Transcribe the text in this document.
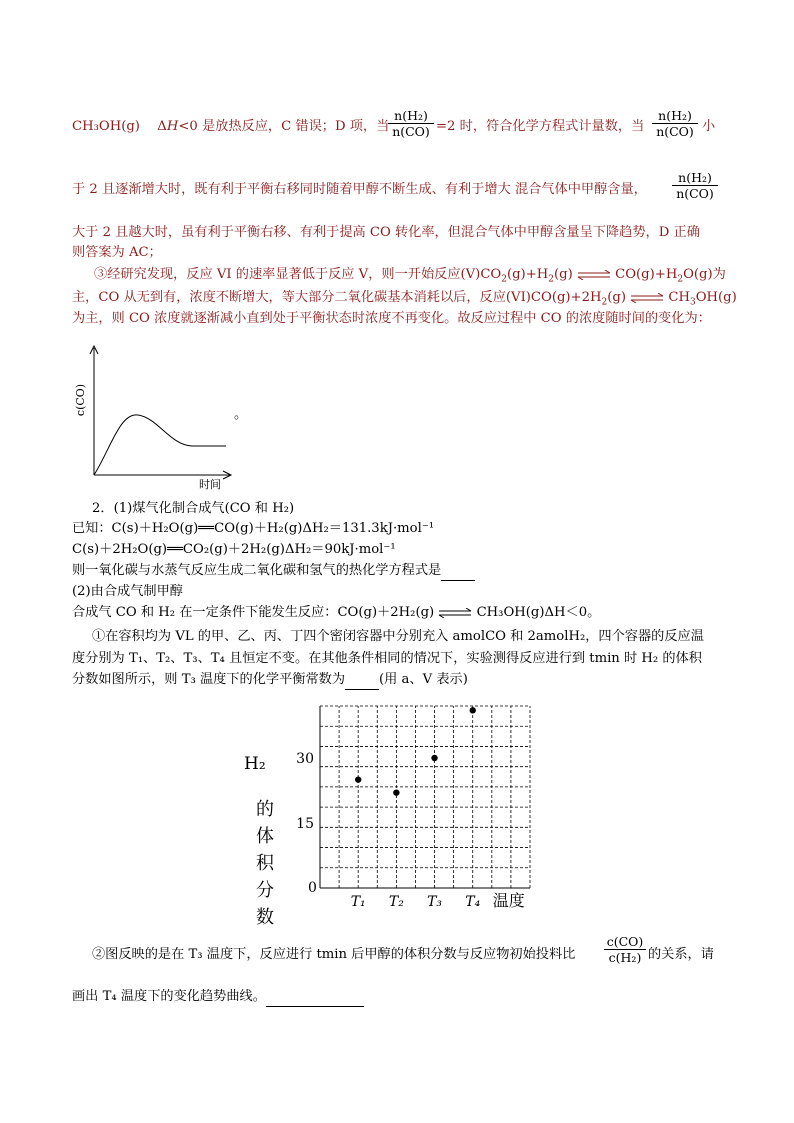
CH₃OH(g)　 ΔH<0 是放热反应，C 错误；D 项，当
$\frac{\text{n(H₂)}}{n(CO)} =2$ 时，符合化学方程式计量数，当 $\frac{\text{n(H₂)}}{n(CO)}$ 小
于 2 且逐渐增大时，既有利于平衡右移同时随着甲醇不断生成、有利于增大 混合气体中甲醇含量， $\frac{\text{n(H₂)}}{n(CO)}$
大于 2 且越大时，虽有利于平衡右移、有利于提高 CO 转化率，但混合气体中甲醇含量呈下降趋势，D 正确
则答案为 AC；
③经研究发现，反应 VI 的速率显著低于反应 V，则一开始反应$(V)CO_2(g)+H_2(g)$ ⇌ $CO(g)+H_2O(g)$为
主，CO 从无到有，浓度不断增大，等大部分二氧化碳基本消耗以后，反应$(VI)CO(g)+2H_2(g)$ ⇌ $CH_3OH(g)$
为主，则 CO 浓度就逐渐减小直到处于平衡状态时浓度不再变化。故反应过程中 CO 的浓度随时间的变化为：
c(CO)
时间
。
2．(1)煤气化制合成气(CO 和 H₂)
已知：C(s)＋H₂O(g)══CO(g)＋H₂(g)ΔH₂＝131.3kJ·mol⁻¹
C(s)＋2H₂O(g)══CO₂(g)＋2H₂(g)ΔH₂＝90kJ·mol⁻¹
则一氧化碳与水蒸气反应生成二氧化碳和氢气的热化学方程式是
(2)由合成气制甲醇
合成气 CO 和 H₂ 在一定条件下能发生反应：CO(g)＋2H₂(g) ⇌ CH₃OH(g)ΔH＜0。
①在容积均为 VL 的甲、乙、丙、丁四个密闭容器中分别充入 amolCO 和 2amolH₂，四个容器的反应温
度分别为 T₁、T₂、T₃、T₄ 且恒定不变。在其他条件相同的情况下，实验测得反应进行到 tmin 时 H₂ 的体积
分数如图所示，则 T₃ 温度下的化学平衡常数为	(用 a、V 表示)
H₂
的
体
积
分
数
0
15
30
T₁ T₂ T₃ T₄ 温度
②图反映的是在 T₃ 温度下，反应进行 tmin 后甲醇的体积分数与反应物初始投料比 $\frac{c(CO)}{\text{c(H₂)}}$ 的关系，请
画出 T₄ 温度下的变化趋势曲线。
